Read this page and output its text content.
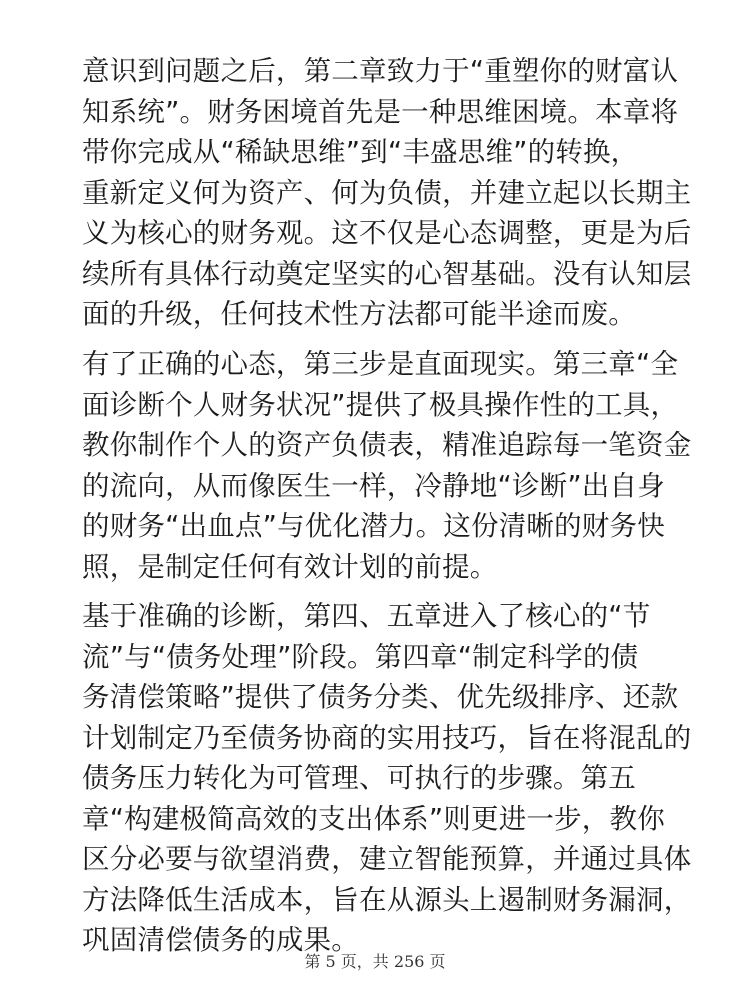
意识到问题之后，第二章致力于“重塑你的财富认
知系统”。财务困境首先是一种思维困境。本章将
带你完成从“稀缺思维”到“丰盛思维”的转换，
重新定义何为资产、何为负债，并建立起以长期主
义为核心的财务观。这不仅是心态调整，更是为后
续所有具体行动奠定坚实的心智基础。没有认知层
面的升级，任何技术性方法都可能半途而废。
有了正确的心态，第三步是直面现实。第三章“全
面诊断个人财务状况”提供了极具操作性的工具，
教你制作个人的资产负债表，精准追踪每一笔资金
的流向，从而像医生一样，冷静地“诊断”出自身
的财务“出血点”与优化潜力。这份清晰的财务快
照，是制定任何有效计划的前提。
基于准确的诊断，第四、五章进入了核心的“节
流”与“债务处理”阶段。第四章“制定科学的债
务清偿策略”提供了债务分类、优先级排序、还款
计划制定乃至债务协商的实用技巧，旨在将混乱的
债务压力转化为可管理、可执行的步骤。第五
章“构建极简高效的支出体系”则更进一步，教你
区分必要与欲望消费，建立智能预算，并通过具体
方法降低生活成本，旨在从源头上遏制财务漏洞，
巩固清偿债务的成果。
第 5 页，共 256 页
